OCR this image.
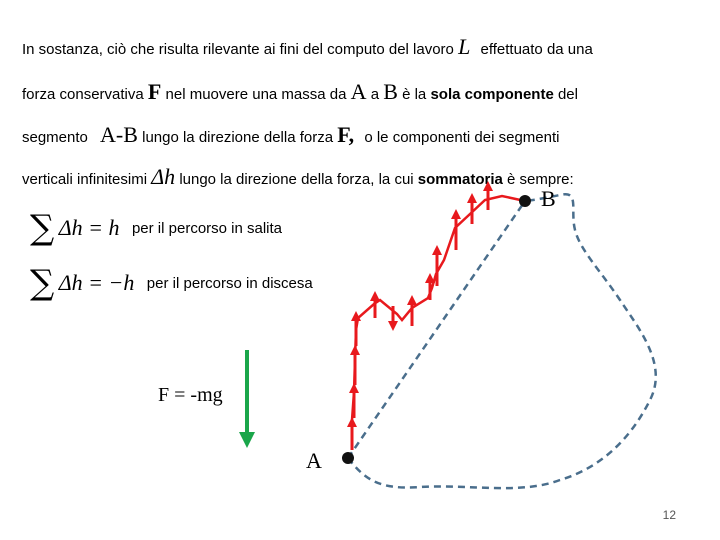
In sostanza, ciò che risulta rilevante ai fini del computo del lavoro L effettuato da una
forza conservativa F nel muovere una massa da A a B è la sola componente del
segmento A-B lungo la direzione della forza F, o le componenti dei segmenti
verticali infinitesimi Δh lungo la direzione della forza, la cui sommatoria è sempre:
∑ Δh = h per il percorso in salita
∑ Δh = −h per il percorso in discesa
A
B
F = -mg
12
